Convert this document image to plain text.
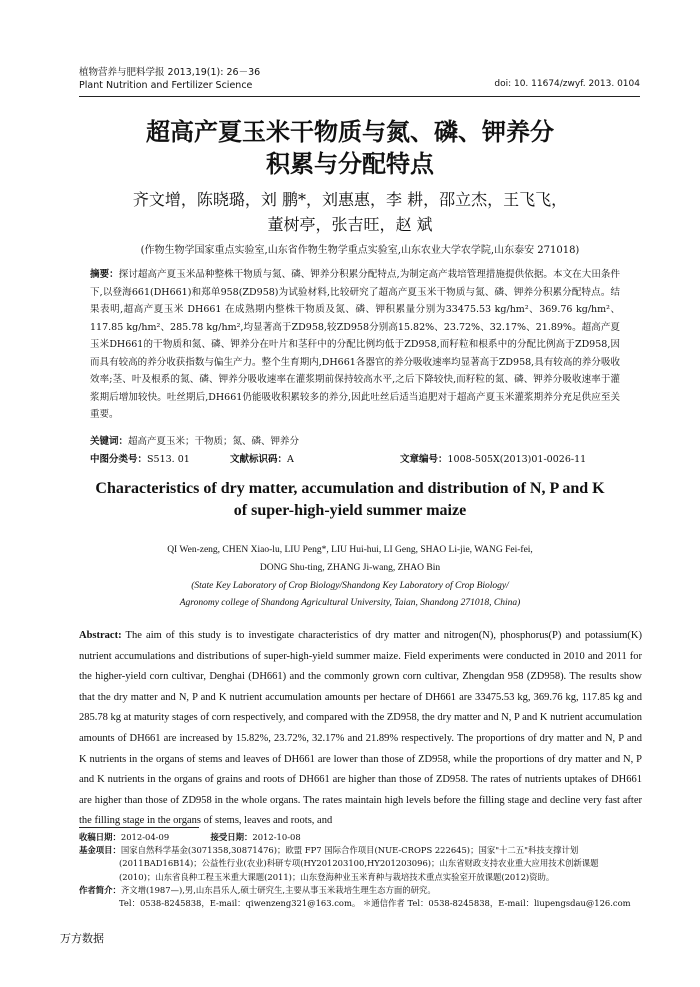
植物营养与肥料学报 2013,19(1): 26－36
Plant Nutrition and Fertilizer Science	doi: 10. 11674/zwyf. 2013. 0104
超高产夏玉米干物质与氮、磷、钾养分
积累与分配特点
齐文增，陈晓璐，刘 鹏*，刘惠惠，李 耕，邵立杰，王飞飞，
董树亭，张吉旺，赵 斌
(作物生物学国家重点实验室,山东省作物生物学重点实验室,山东农业大学农学院,山东泰安 271018)
摘要：探讨超高产夏玉米品种整株干物质与氮、磷、钾养分积累分配特点,为制定高产栽培管理措施提供依据。本文在大田条件下,以登海661(DH661)和郑单958(ZD958)为试验材料,比较研究了超高产夏玉米干物质与氮、磷、钾养分积累分配特点。结果表明,超高产夏玉米 DH661 在成熟期内整株干物质及氮、磷、钾积累量分别为33475.53 kg/hm²、369.76 kg/hm²、117.85 kg/hm²、285.78 kg/hm²,均显著高于ZD958,较ZD958分别高15.82%、23.72%、32.17%、21.89%。超高产夏玉米DH661的干物质和氮、磷、钾养分在叶片和茎秆中的分配比例均低于ZD958,而籽粒和根系中的分配比例高于ZD958,因而具有较高的养分收获指数与偏生产力。整个生育期内,DH661各器官的养分吸收速率均显著高于ZD958,具有较高的养分吸收效率;茎、叶及根系的氮、磷、钾养分吸收速率在灌浆期前保持较高水平,之后下降较快,而籽粒的氮、磷、钾养分吸收速率于灌浆期后增加较快。吐丝期后,DH661仍能吸收积累较多的养分,因此吐丝后适当追肥对于超高产夏玉米灌浆期养分充足供应至关重要。
关键词：超高产夏玉米；干物质；氮、磷、钾养分
中图分类号：S513. 01	文献标识码：A	文章编号：1008-505X(2013)01-0026-11
Characteristics of dry matter, accumulation and distribution of N, P and K
of super-high-yield summer maize
QI Wen-zeng, CHEN Xiao-lu, LIU Peng*, LIU Hui-hui, LI Geng, SHAO Li-jie, WANG Fei-fei,
DONG Shu-ting, ZHANG Ji-wang, ZHAO Bin
(State Key Laboratory of Crop Biology/Shandong Key Laboratory of Crop Biology/
Agronomy college of Shandong Agricultural University, Taian, Shandong 271018, China)
Abstract: The aim of this study is to investigate characteristics of dry matter and nitrogen(N), phosphorus(P) and potassium(K) nutrient accumulations and distributions of super-high-yield summer maize. Field experiments were conducted in 2010 and 2011 for the higher-yield corn cultivar, Denghai (DH661) and the commonly grown corn cultivar, Zhengdan 958 (ZD958). The results show that the dry matter and N, P and K nutrient accumulation amounts per hectare of DH661 are 33475.53 kg, 369.76 kg, 117.85 kg and 285.78 kg at maturity stages of corn respectively, and compared with the ZD958, the dry matter and N, P and K nutrient accumulation amounts of DH661 are increased by 15.82%, 23.72%, 32.17% and 21.89% respectively. The proportions of dry matter and N, P and K nutrients in the organs of stems and leaves of DH661 are lower than those of ZD958, while the proportions of dry matter and N, P and K nutrients in the organs of grains and roots of DH661 are higher than those of ZD958. The rates of nutrients uptakes of DH661 are higher than those of ZD958 in the whole organs. The rates maintain high levels before the filling stage and decline very fast after the filling stage in the organs of stems, leaves and roots, and
收稿日期：2012-04-09	接受日期：2012-10-08
基金项目：国家自然科学基金(3071358,30871476)；欧盟 FP7 国际合作项目(NUE-CROPS 222645)；国家"十二五"科技支撑计划
(2011BAD16B14)；公益性行业(农业)科研专项(HY201203100,HY201203096)；山东省财政支持农业重大应用技术创新课题
(2010)；山东省良种工程玉米重大课题(2011)；山东登海种业玉米育种与栽培技术重点实验室开放课题(2012)资助。
作者简介：齐文增(1987—),男,山东昌乐人,硕士研究生,主要从事玉米栽培生理生态方面的研究。
Tel：0538-8245838，E-mail：qiwenzeng321@163.com。 ＊通信作者 Tel：0538-8245838，E-mail：liupengsdau@126.com
万方数据
